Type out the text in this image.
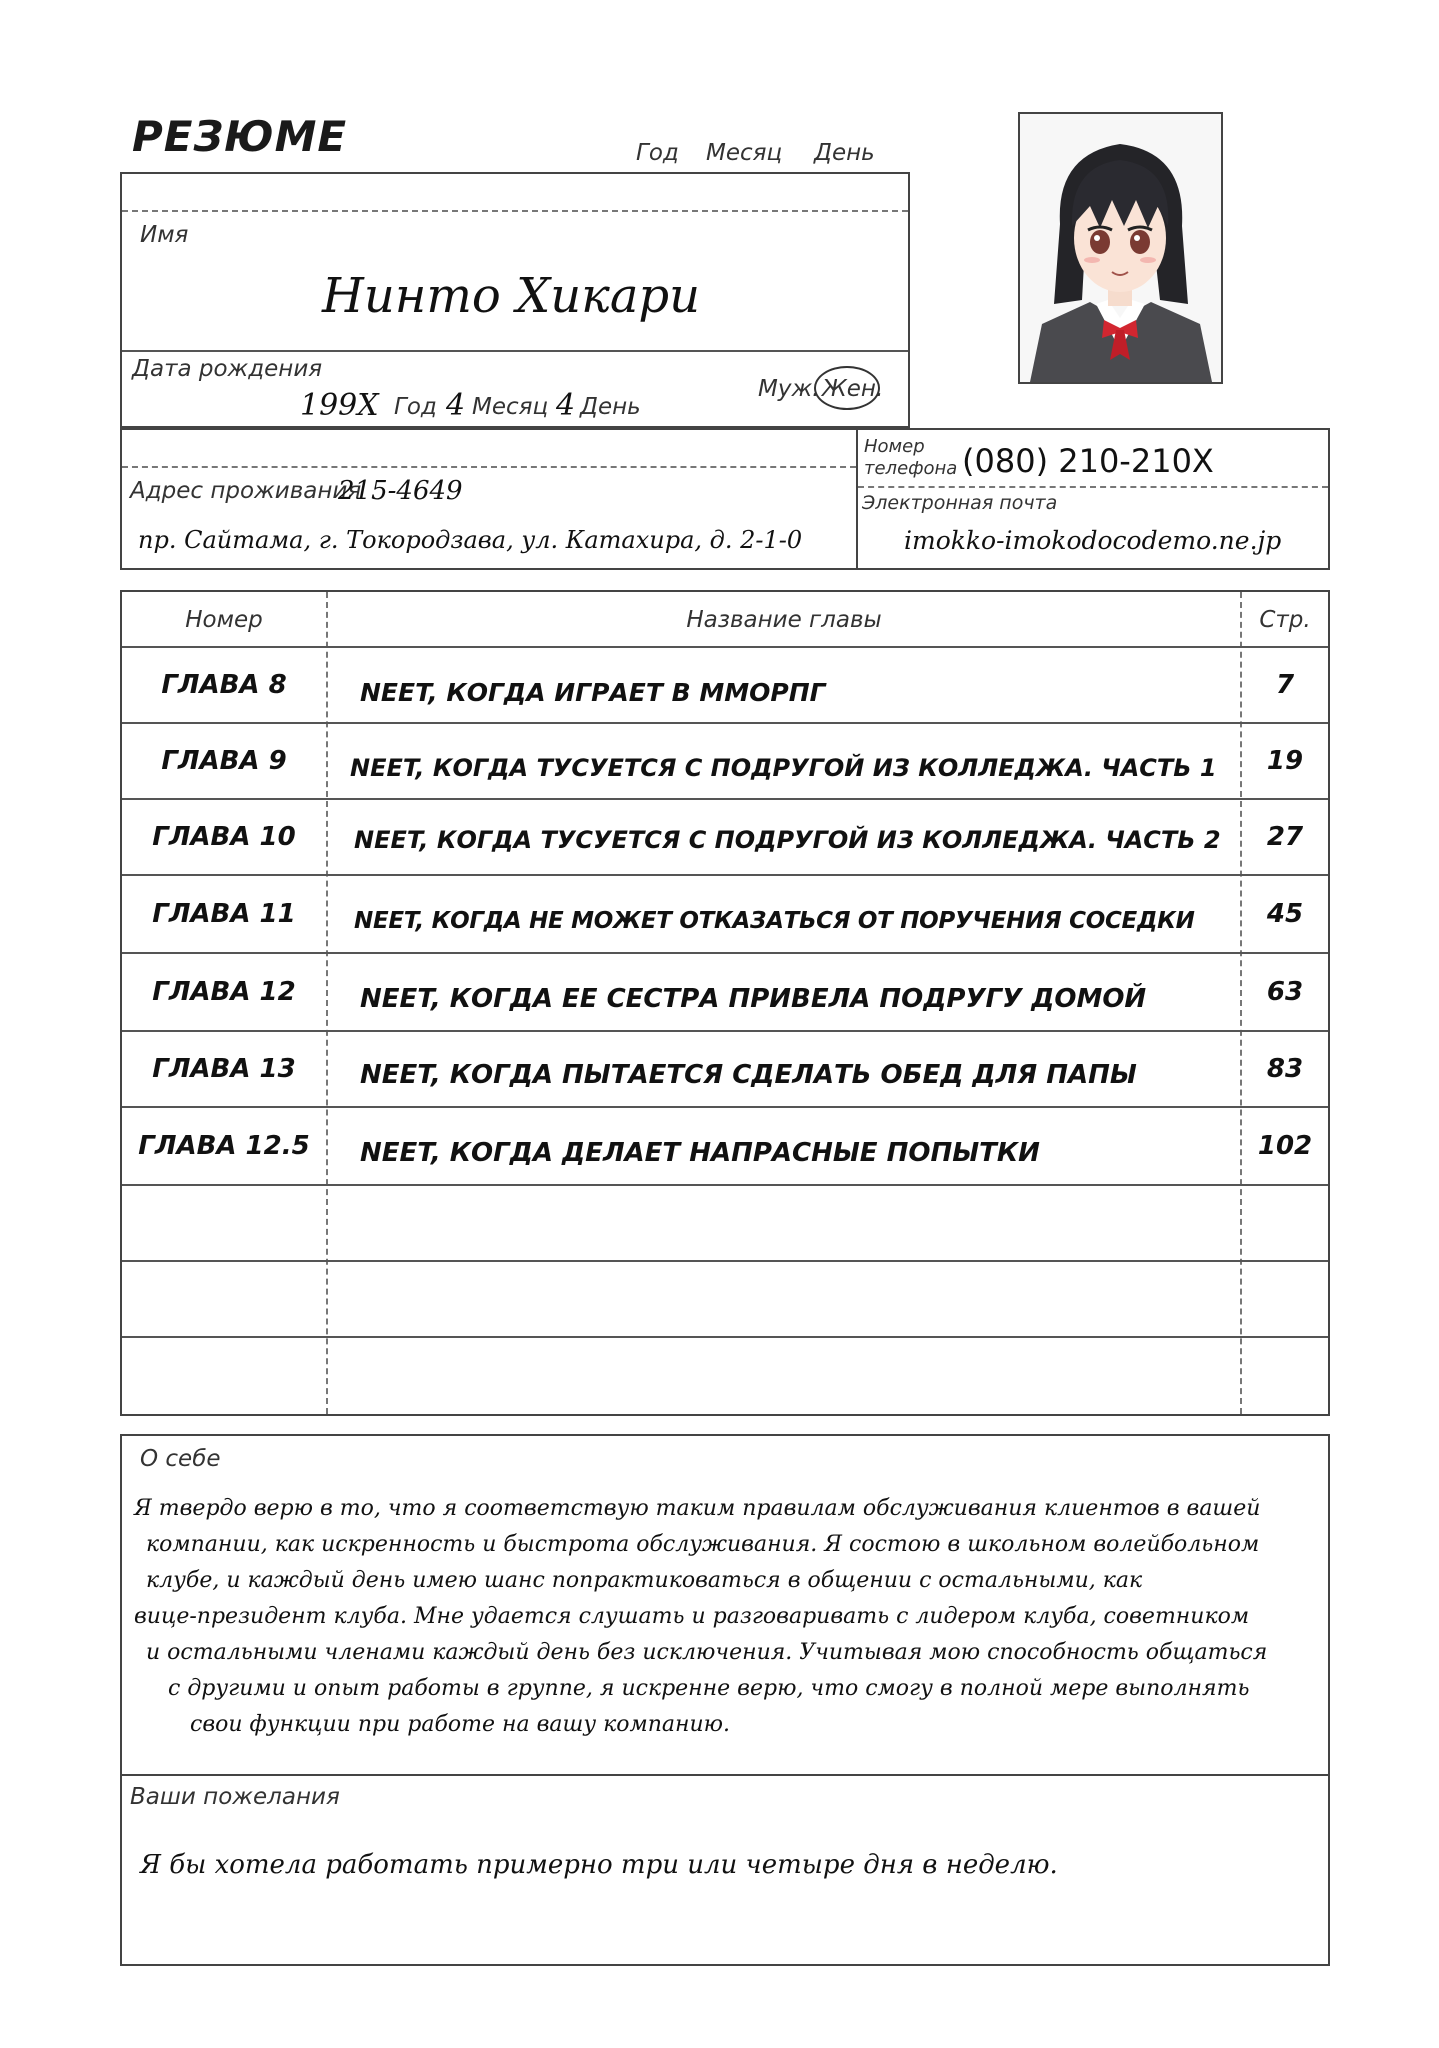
РЕЗЮМЕ	Год Месяц День
Имя
Нинто Хикари
Дата рождения
199X Год 4 Месяц 4 День
Муж. Жен.
Номер
телефона (080) 210-210X
Электронная почта
imokko-imokodocodemo.ne.jp
Адрес проживания
215-4649
пр. Сайтама, г. Токородзава, ул. Катахира, д. 2-1-0
Номер	Название главы	Стр.
ГЛАВА 8	NEET, КОГДА ИГРАЕТ В ММОРПГ	7
ГЛАВА 9	NEET, КОГДА ТУСУЕТСЯ С ПОДРУГОЙ ИЗ КОЛЛЕДЖА. ЧАСТЬ 1	19
ГЛАВА 10	NEET, КОГДА ТУСУЕТСЯ С ПОДРУГОЙ ИЗ КОЛЛЕДЖА. ЧАСТЬ 2	27
ГЛАВА 11	NEET, КОГДА НЕ МОЖЕТ ОТКАЗАТЬСЯ ОТ ПОРУЧЕНИЯ СОСЕДКИ	45
ГЛАВА 12	NEET, КОГДА ЕЕ СЕСТРА ПРИВЕЛА ПОДРУГУ ДОМОЙ	63
ГЛАВА 13	NEET, КОГДА ПЫТАЕТСЯ СДЕЛАТЬ ОБЕД ДЛЯ ПАПЫ	83
ГЛАВА 12.5	NEET, КОГДА ДЕЛАЕТ НАПРАСНЫЕ ПОПЫТКИ	102
О себе
Я твердо верю в то, что я соответствую таким правилам обслуживания клиентов в вашей
компании, как искренность и быстрота обслуживания. Я состою в школьном волейбольном
клубе, и каждый день имею шанс попрактиковаться в общении с остальными, как
вице-президент клуба. Мне удается слушать и разговаривать с лидером клуба, советником
и остальными членами каждый день без исключения. Учитывая мою способность общаться
с другими и опыт работы в группе, я искренне верю, что смогу в полной мере выполнять
свои функции при работе на вашу компанию.
Ваши пожелания
Я бы хотела работать примерно три или четыре дня в неделю.
